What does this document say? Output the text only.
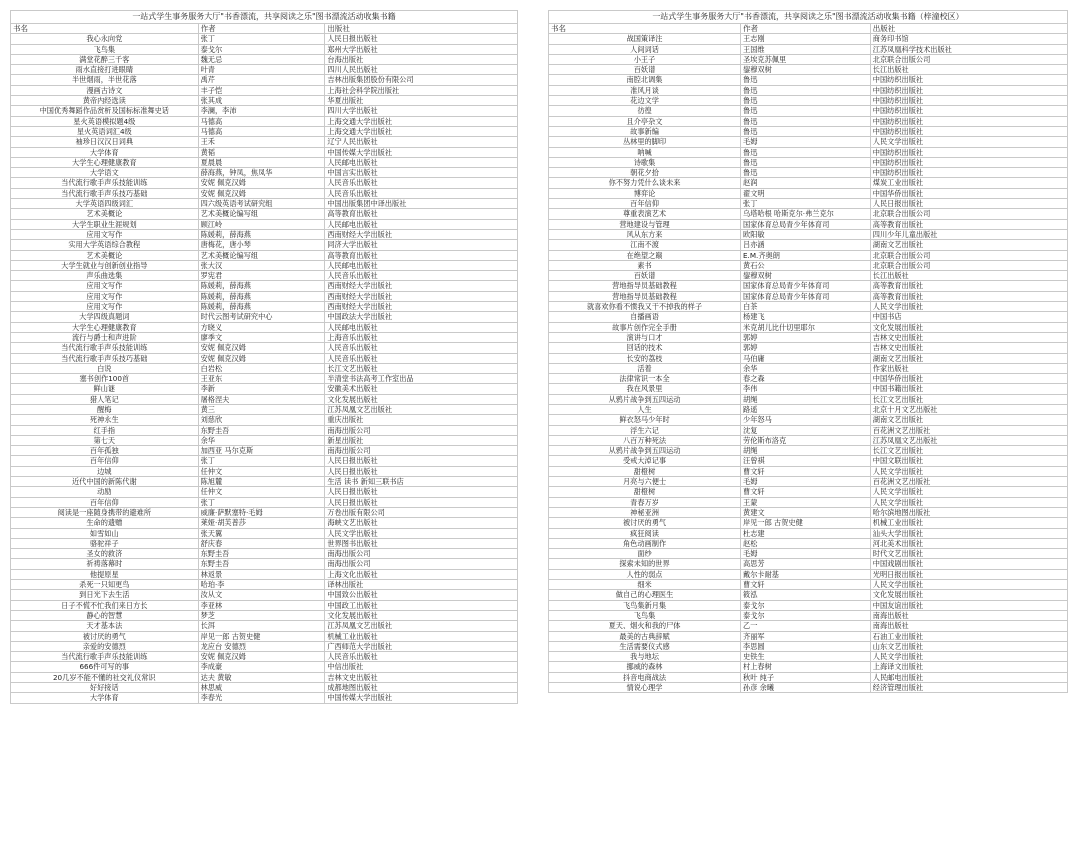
一站式学生事务服务大厅"书香漂流，共享阅读之乐"图书漂流活动收集书籍		
书名	作者	出版社
我心永向党	张丁	人民日报出版社
飞鸟集	泰戈尔	郑州大学出版社
满堂花醉三千客	魏无忌	台海出版社
雨水直接打进眼睛	叶青	四川人民出版社
半世烟雨，半世花落	禹芹	吉林出版集团股份有限公司
漫画古诗文	丰子恺	上海社会科学院出版社
黄帝内经选读	张其成	华夏出版社
中国优秀舞蹈作品赏析及国标标准舞史话	李澜，李沛	四川大学出版社
星火英语模拟题4级	马德高	上海交通大学出版社
星火英语词汇4级	马德高	上海交通大学出版社
袖珍日汉汉日词典	王禾	辽宁人民出版社
大学体育	黄韬	中国传媒大学出版社
大学生心理健康教育	夏晨晨	人民邮电出版社
大学语文	薛海燕，钟凤，焦凤华	中国言实出版社
当代流行歌手声乐技能训练	安妮 佩克汉姆	人民音乐出版社
当代流行歌手声乐技巧基础	安妮 佩克汉姆	人民音乐出版社
大学英语四级词汇	四六级英语考试研究组	中国出版集团中译出版社
艺术美概论	艺术美概论编写组	高等教育出版社
大学生职业生涯规划	顾江岭	人民邮电出版社
应用文写作	陈媛莉，薛海燕	西南财经大学出版社
实用大学英语综合教程	唐梅花，唐小琴	同济大学出版社
艺术美概论	艺术美概论编写组	高等教育出版社
大学生就业与创新创业指导	张大汉	人民邮电出版社
声乐曲选集	罗宪君	人民音乐出版社
应用文写作	陈媛莉，薛海燕	西南财经大学出版社
应用文写作	陈媛莉，薛海燕	西南财经大学出版社
应用文写作	陈媛莉，薛海燕	西南财经大学出版社
大学四级真题词	时代云图考试研究中心	中国政法大学出版社
大学生心理健康教育	方晓义	人民邮电出版社
流行与爵士和声进阶	廖季文	上海音乐出版社
当代流行歌手声乐技能训练	安妮 佩克汉姆	人民音乐出版社
当代流行歌手声乐技巧基础	安妮 佩克汉姆	人民音乐出版社
白说	白岩松	长江文艺出版社
塞书创作100首	王亚东	半清堂书法高考工作室出品
鲜山谜	李新	安徽美术出版社
猎人笔记	屠格涅夫	文化发展出版社
醒梅	黄三	江苏凤凰文艺出版社
死神永生	刘慈欣	重庆出版社
红手指	东野圭吾	南海出版公司
第七天	余华	新星出版社
百年孤独	加西亚 马尔克斯	南海出版公司
百年信仰	张丁	人民日报出版社
边城	任仲文	人民日报出版社
近代中国的新陈代谢	陈旭麓	生活 读书 新知三联书店
动励	任仲文	人民日报出版社
百年信仰	张丁	人民日报出版社
阅读是一座随身携带的避难所	威廉·萨默塞特·毛姆	万卷出版有限公司
生命的遗赠	莱娅·胡芙普莎	海峡文艺出版社
如雪如山	张天翼	人民文学出版社
骆驼祥子	舒庆春	世界图书出版社
圣女的救济	东野圭吾	南海出版公司
祈祷落幕时	东野圭吾	南海出版公司
他提原星	林返景	上海文化出版社
杀死一只知更鸟	哈珀·李	译林出版社
到日光下去生活	汝从文	中国致公出版社
日子不慌不忙我们来日方长	李亚林	中国政工出版社
静心的智慧	梦芝	文化发展出版社
天才基本法	长洱	江苏凤凰文艺出版社
被讨厌的勇气	岸见一郎 古贺史健	机械工业出版社
亲爱的安德烈	龙应台 安德烈	广西师范大学出版社
当代流行歌手声乐技能训练	安妮 佩克汉姆	人民音乐出版社
666件可写的事	李成豪	中信出版社
20几岁不能不懂的社交礼仪常识	达夫 黄敏	吉林文史出版社
好好接话	林思威	成都地图出版社
大学体育	李春光	中国传媒大学出版社
一站式学生事务服务大厅"书香漂流，共享阅读之乐"图书漂流活动收集书籍（梓潼校区）		
书名	作者	出版社
战国策译注	王志刚	商务印书馆
人间词话	王国维	江苏凤凰科学技术出版社
小王子	圣埃克苏佩里	北京联合出版公司
百妖谱	鋆穆双树	长江出版社
南腔北调集	鲁迅	中国纺织出版社
准风月谈	鲁迅	中国纺织出版社
花边文学	鲁迅	中国纺织出版社
彷徨	鲁迅	中国纺织出版社
且介亭杂文	鲁迅	中国纺织出版社
故事新编	鲁迅	中国纺织出版社
丛林里的脚印	毛姆	人民文学出版社
呐喊	鲁迅	中国纺织出版社
诗歌集	鲁迅	中国纺织出版社
朝花夕拾	鲁迅	中国纺织出版社
你不努力凭什么谈未来	赵润	煤炭工业出版社
博弈论	翟文明	中国华侨出版社
百年信仰	张丁	人民日报出版社
尊重表演艺术	乌塔哈根 哈斯克尔·弗兰克尔	北京联合出版公司
营地建设与管理	国家体育总局青少年体育司	高等教育出版社
风从东方来	欧阳敏	四川少年儿童出版社
江南不渡	吕亦涵	湖南文艺出版社
在绝望之巅	E.M.齐奥朗	北京联合出版公司
素书	黄石公	北京联合出版公司
百妖谱	鋆穆双树	长江出版社
营地指导员基础教程	国家体育总局青少年体育司	高等教育出版社
营地指导员基础教程	国家体育总局青少年体育司	高等教育出版社
就喜欢你看不惯我又干不掉我的样子	白茶	人民文学出版社
自播画语	杨建飞	中国书店
故事片创作完全手册	米克胡儿比什切里耶尔	文化发展出版社
演讲与口才	郭婷	吉林文史出版社
回话的技术	郭婷	吉林文史出版社
长安的荔枝	马伯庸	湖南文艺出版社
活着	余华	作家出版社
法律常识一本全	春之森	中国华侨出版社
我在风景里	李伟	中国书籍出版社
从鸦片战争到五四运动	胡绳	长江文艺出版社
人生	路遥	北京十月文艺出版社
鲜衣怒马少年时	少年怒马	湖南文艺出版社
浮生六记	沈复	百花洲文艺出版社
八百万种死法	劳伦斯布洛克	江苏凤凰文艺出版社
从鸦片战争到五四运动	胡绳	长江文艺出版社
受戒大淖记事	汪曾祺	中国文联出版社
甜橙树	曹文轩	人民文学出版社
月亮与六便士	毛姆	百花洲文艺出版社
甜橙树	曹文轩	人民文学出版社
青春万岁	王蒙	人民文学出版社
神秘亚洲	黄建文	哈尔滨地图出版社
被讨厌的勇气	岸见一郎 古贺史健	机械工业出版社
疯狂阅读	杜志建	汕头大学出版社
角色动画制作	赵松	河北美术出版社
面纱	毛姆	时代文艺出版社
探索未知的世界	高思芳	中国戏剧出版社
人性的弱点	戴尔卡耐基	光明日报出版社
细米	曹文轩	人民文学出版社
做自己的心理医生	筱泓	文化发展出版社
飞鸟集新月集	泰戈尔	中国友谊出版社
飞鸟集	泰戈尔	南海出版社
夏天、烟火和我的尸体	乙一	南海出版社
最美的古典辞赋	齐丽军	石油工业出版社
生活需要仪式感	李思圆	山东文艺出版社
我与地坛	史铁生	人民文学出版社
挪威的森林	村上春树	上海译文出版社
抖音电商战法	秋叶 纯子	人民邮电出版社
情说心理学	孙彦 余曦	经济管理出版社
